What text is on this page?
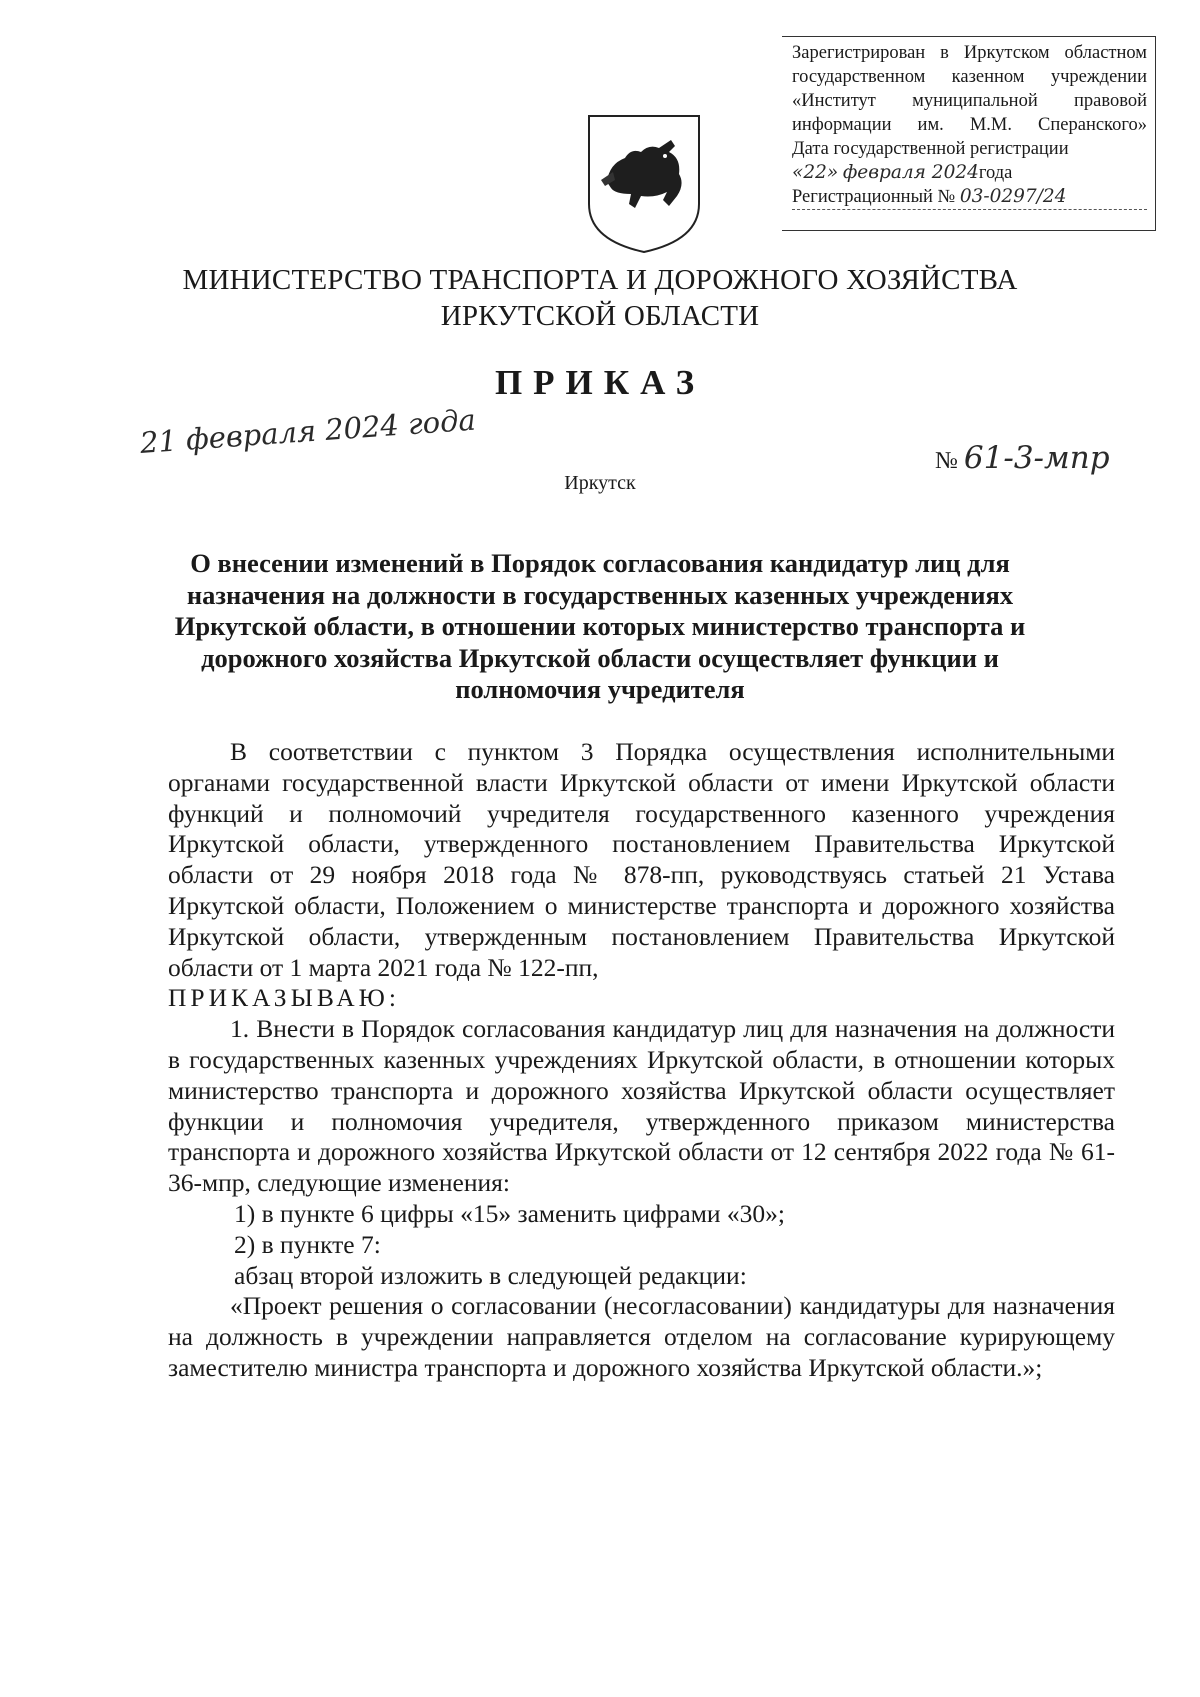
Зарегистрирован в Иркутском областном
государственном казенном учреждении
«Институт муниципальной правовой
информации им. М.М. Сперанского»
Дата государственной регистрации
«22» февраля 2024года
Регистрационный № 03-0297/24
МИНИСТЕРСТВО ТРАНСПОРТА И ДОРОЖНОГО ХОЗЯЙСТВА
ИРКУТСКОЙ ОБЛАСТИ
ПРИКАЗ
21 февраля 2024 года
№ 61-3-мпр
Иркутск
О внесении изменений в Порядок согласования кандидатур лиц для назначения на должности в государственных казенных учреждениях Иркутской области, в отношении которых министерство транспорта и дорожного хозяйства Иркутской области осуществляет функции и полномочия учредителя

В соответствии с пунктом 3 Порядка осуществления исполнительными органами государственной власти Иркутской области от имени Иркутской области функций и полномочий учредителя государственного казенного учреждения Иркутской области, утвержденного постановлением Правительства Иркутской области от 29 ноября 2018 года № 878-пп, руководствуясь статьей 21 Устава Иркутской области, Положением о министерстве транспорта и дорожного хозяйства Иркутской области, утвержденным постановлением Правительства Иркутской области от 1 марта 2021 года № 122-пп,

ПРИКАЗЫВАЮ:

1. Внести в Порядок согласования кандидатур лиц для назначения на должности в государственных казенных учреждениях Иркутской области, в отношении которых министерство транспорта и дорожного хозяйства Иркутской области осуществляет функции и полномочия учредителя, утвержденного приказом министерства транспорта и дорожного хозяйства Иркутской области от 12 сентября 2022 года № 61-36-мпр, следующие изменения:

1) в пункте 6 цифры «15» заменить цифрами «30»;

2) в пункте 7:

абзац второй изложить в следующей редакции:

«Проект решения о согласовании (несогласовании) кандидатуры для назначения на должность в учреждении направляется отделом на согласование курирующему заместителю министра транспорта и дорожного хозяйства Иркутской области.»;
